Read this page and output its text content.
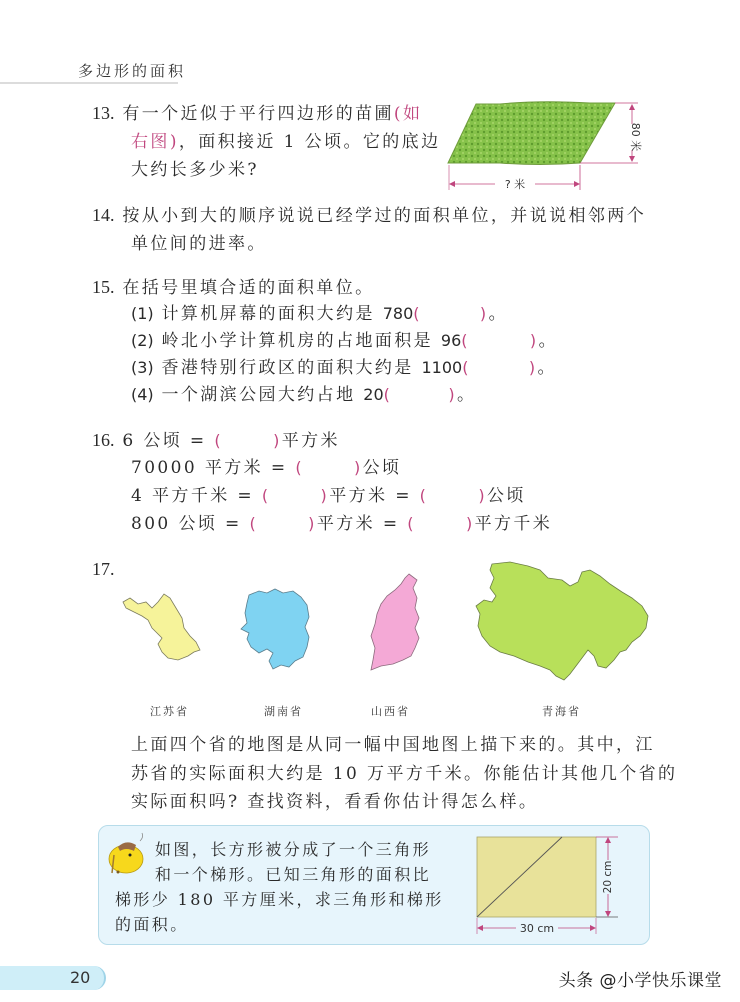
多边形的面积
13. 有一个近似于平行四边形的苗圃(如
右图)，面积接近 1 公顷。它的底边
大约长多少米?
80 米
? 米
14. 按从小到大的顺序说说已经学过的面积单位，并说说相邻两个
单位间的进率。
15. 在括号里填合适的面积单位。
(1) 计算机屏幕的面积大约是 780(	)。
(2) 岭北小学计算机房的占地面积是 96(	)。
(3) 香港特别行政区的面积大约是 1100(	)。
(4) 一个湖滨公园大约占地 20(	)。
16. 6 公顷 = (	)平方米
70000 平方米 = (	)公顷
4 平方千米 = (	)平方米 = (	)公顷
800 公顷 = (	)平方米 = (	)平方千米
17.
江苏省	湖南省	山西省	青海省
上面四个省的地图是从同一幅中国地图上描下来的。其中，江
苏省的实际面积大约是 10 万平方千米。你能估计其他几个省的
实际面积吗? 查找资料，看看你估计得怎么样。
如图，长方形被分成了一个三角形
和一个梯形。已知三角形的面积比
梯形少 180 平方厘米，求三角形和梯形
的面积。
20 cm
30 cm
20	头条 @小学快乐课堂
